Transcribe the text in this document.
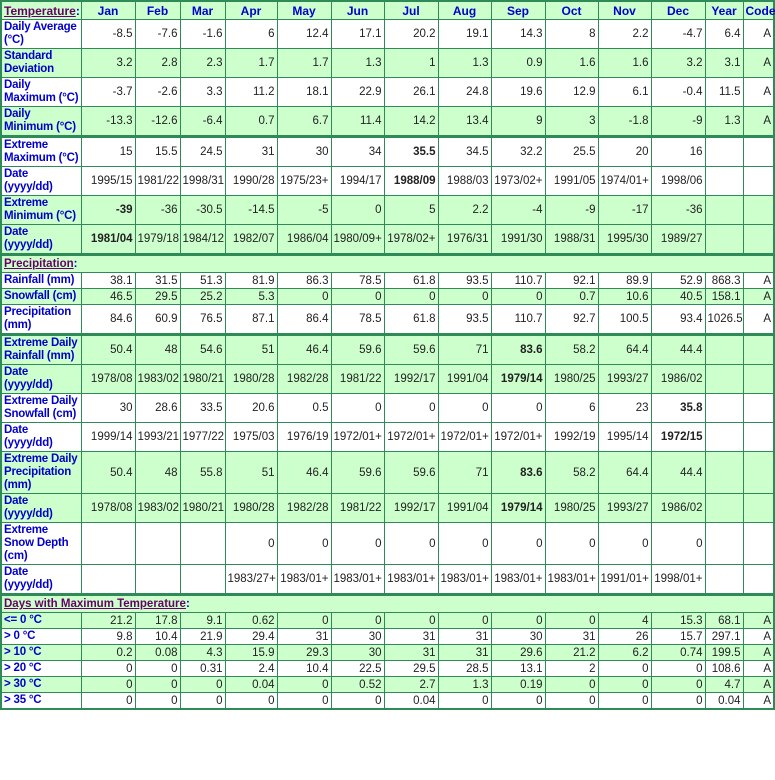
Temperature:	Jan	Feb	Mar	Apr	May	Jun	Jul	Aug	Sep	Oct	Nov	Dec	Year	Code
Daily Average (°C)	-8.5	-7.6	-1.6	6	12.4	17.1	20.2	19.1	14.3	8	2.2	-4.7	6.4	A
Standard Deviation	3.2	2.8	2.3	1.7	1.7	1.3	1	1.3	0.9	1.6	1.6	3.2	3.1	A
Daily Maximum (°C)	-3.7	-2.6	3.3	11.2	18.1	22.9	26.1	24.8	19.6	12.9	6.1	-0.4	11.5	A
Daily Minimum (°C)	-13.3	-12.6	-6.4	0.7	6.7	11.4	14.2	13.4	9	3	-1.8	-9	1.3	A
Extreme Maximum (°C)	15	15.5	24.5	31	30	34	35.5	34.5	32.2	25.5	20	16		
Date (yyyy/dd)	1995/15	1981/22	1998/31	1990/28	1975/23+	1994/17	1988/09	1988/03	1973/02+	1991/05	1974/01+	1998/06		
Extreme Minimum (°C)	-39	-36	-30.5	-14.5	-5	0	5	2.2	-4	-9	-17	-36		
Date (yyyy/dd)	1981/04	1979/18	1984/12	1982/07	1986/04	1980/09+	1978/02+	1976/31	1991/30	1988/31	1995/30	1989/27		
Precipitation:														
Rainfall (mm)	38.1	31.5	51.3	81.9	86.3	78.5	61.8	93.5	110.7	92.1	89.9	52.9	868.3	A
Snowfall (cm)	46.5	29.5	25.2	5.3	0	0	0	0	0	0.7	10.6	40.5	158.1	A
Precipitation (mm)	84.6	60.9	76.5	87.1	86.4	78.5	61.8	93.5	110.7	92.7	100.5	93.4	1026.5	A
Extreme Daily Rainfall (mm)	50.4	48	54.6	51	46.4	59.6	59.6	71	83.6	58.2	64.4	44.4		
Date (yyyy/dd)	1978/08	1983/02	1980/21	1980/28	1982/28	1981/22	1992/17	1991/04	1979/14	1980/25	1993/27	1986/02		
Extreme Daily Snowfall (cm)	30	28.6	33.5	20.6	0.5	0	0	0	0	6	23	35.8		
Date (yyyy/dd)	1999/14	1993/21	1977/22	1975/03	1976/19	1972/01+	1972/01+	1972/01+	1972/01+	1992/19	1995/14	1972/15		
Extreme Daily Precipitation (mm)	50.4	48	55.8	51	46.4	59.6	59.6	71	83.6	58.2	64.4	44.4		
Date (yyyy/dd)	1978/08	1983/02	1980/21	1980/28	1982/28	1981/22	1992/17	1991/04	1979/14	1980/25	1993/27	1986/02		
Extreme Snow Depth (cm)				0	0	0	0	0	0	0	0	0		
Date (yyyy/dd)				1983/27+	1983/01+	1983/01+	1983/01+	1983/01+	1983/01+	1983/01+	1991/01+	1998/01+		
Days with Maximum Temperature:														
<= 0 °C	21.2	17.8	9.1	0.62	0	0	0	0	0	0	4	15.3	68.1	A
> 0 °C	9.8	10.4	21.9	29.4	31	30	31	31	30	31	26	15.7	297.1	A
> 10 °C	0.2	0.08	4.3	15.9	29.3	30	31	31	29.6	21.2	6.2	0.74	199.5	A
> 20 °C	0	0	0.31	2.4	10.4	22.5	29.5	28.5	13.1	2	0	0	108.6	A
> 30 °C	0	0	0	0.04	0	0.52	2.7	1.3	0.19	0	0	0	4.7	A
> 35 °C	0	0	0	0	0	0	0.04	0	0	0	0	0	0.04	A
